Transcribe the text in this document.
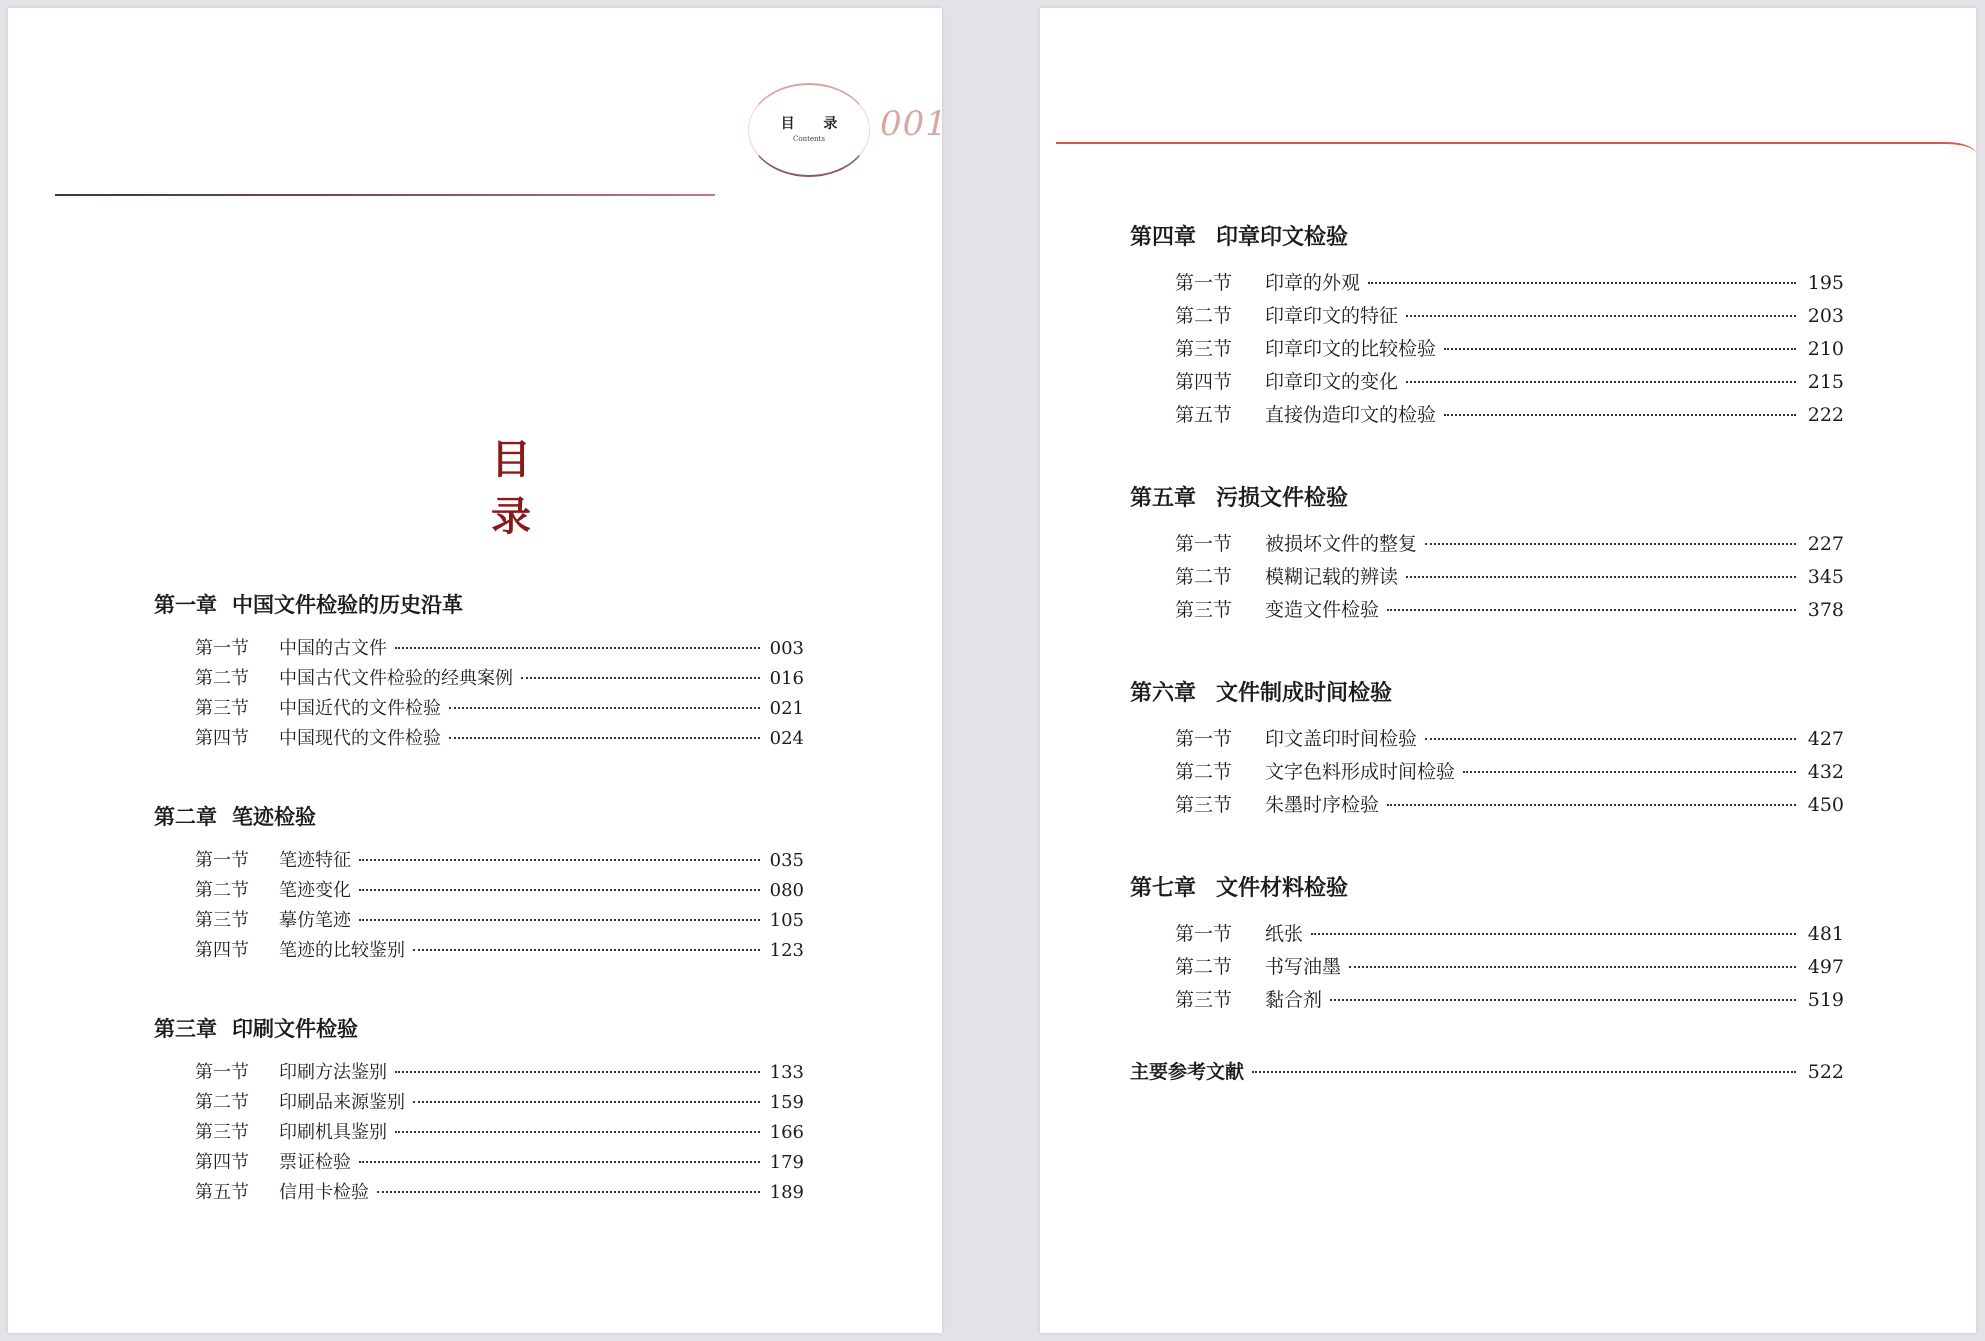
目 录
Contents	001
目 录
第一章 中国文件检验的历史沿革
第一节	中国的古文件	003
第二节	中国古代文件检验的经典案例	016
第三节	中国近代的文件检验	021
第四节	中国现代的文件检验	024
第二章 笔迹检验
第一节	笔迹特征	035
第二节	笔迹变化	080
第三节	摹仿笔迹	105
第四节	笔迹的比较鉴别	123
第三章 印刷文件检验
第一节	印刷方法鉴别	133
第二节	印刷品来源鉴别	159
第三节	印刷机具鉴别	166
第四节	票证检验	179
第五节	信用卡检验	189
第四章 印章印文检验
第一节	印章的外观	195
第二节	印章印文的特征	203
第三节	印章印文的比较检验	210
第四节	印章印文的变化	215
第五节	直接伪造印文的检验	222
第五章 污损文件检验
第一节	被损坏文件的整复	227
第二节	模糊记载的辨读	345
第三节	变造文件检验	378
第六章 文件制成时间检验
第一节	印文盖印时间检验	427
第二节	文字色料形成时间检验	432
第三节	朱墨时序检验	450
第七章 文件材料检验
第一节	纸张	481
第二节	书写油墨	497
第三节	黏合剂	519
主要参考文献	522
